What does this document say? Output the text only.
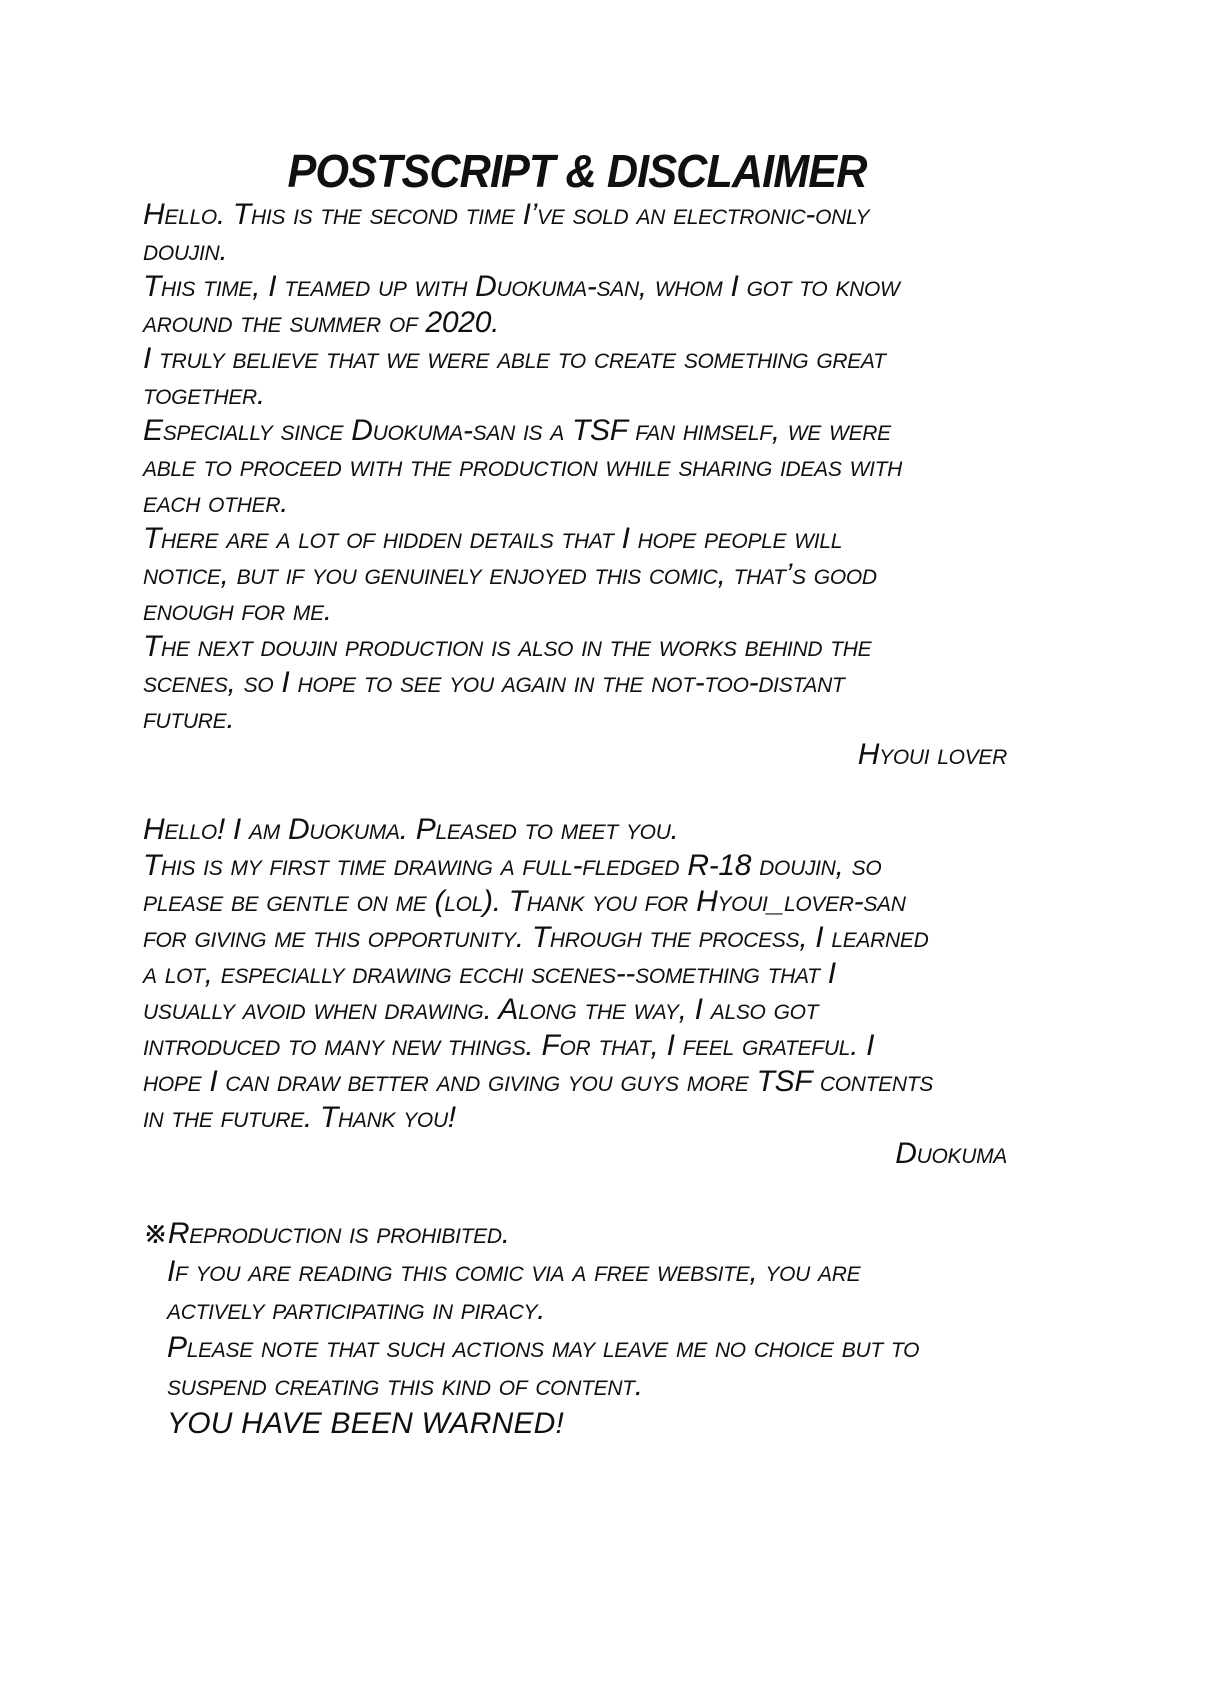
POSTSCRIPT & DISCLAIMER
Hello. This is the second time I’ve sold an electronic-only
doujin.
This time, I teamed up with Duokuma-san, whom I got to know
around the summer of 2020.
I truly believe that we were able to create something great
together.
Especially since Duokuma-san is a TSF fan himself, we were
able to proceed with the production while sharing ideas with
each other.
There are a lot of hidden details that I hope people will
notice, but if you genuinely enjoyed this comic, that’s good
enough for me.
The next doujin production is also in the works behind the
scenes, so I hope to see you again in the not-too-distant
future.
Hyoui lover
Hello! I am Duokuma. Pleased to meet you.
This is my first time drawing a full-fledged R-18 doujin, so
please be gentle on me (lol). Thank you for Hyoui_lover-san
for giving me this opportunity. Through the process, I learned
a lot, especially drawing ecchi scenes--something that I
usually avoid when drawing. Along the way, I also got
introduced to many new things. For that, I feel grateful. I
hope I can draw better and giving you guys more TSF contents
in the future. Thank you!
Duokuma
※Reproduction is prohibited.
If you are reading this comic via a free website, you are
actively participating in piracy.
Please note that such actions may leave me no choice but to
suspend creating this kind of content.
YOU HAVE BEEN WARNED!
